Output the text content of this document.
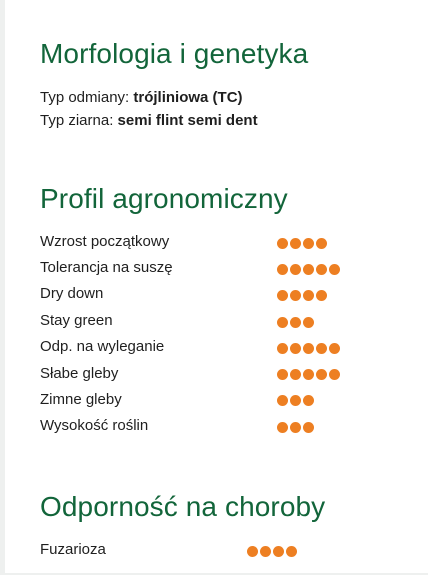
Morfologia i genetyka

Typ odmiany: trójliniowa (TC)

Typ ziarna: semi flint semi dent

Profil agronomiczny
Wzrost początkowy
Tolerancja na suszę
Dry down
Stay green
Odp. na wyleganie
Słabe gleby
Zimne gleby
Wysokość roślin
Odporność na choroby
Fuzarioza
